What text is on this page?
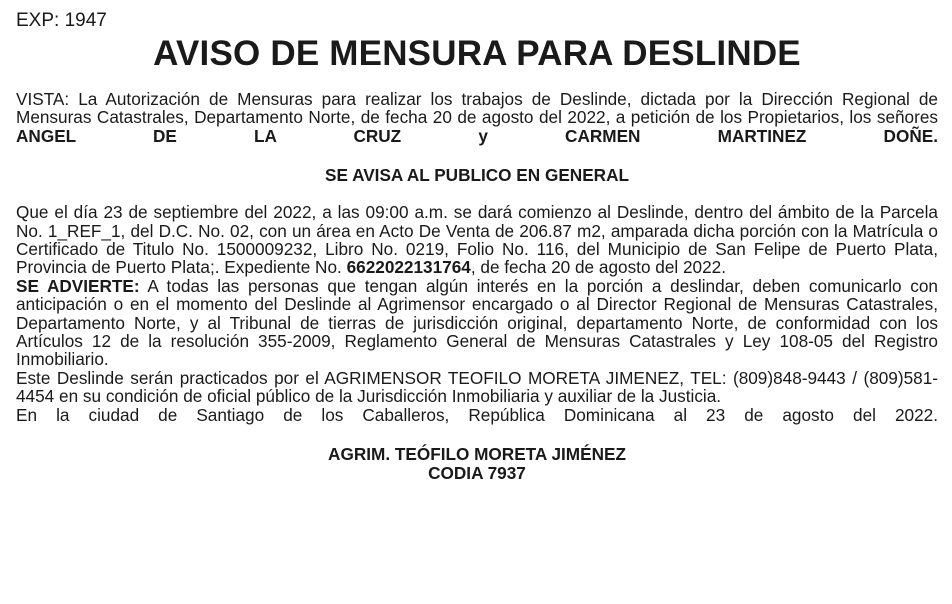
EXP: 1947

AVISO DE MENSURA PARA DESLINDE

VISTA: La Autorización de Mensuras para realizar los trabajos de Deslinde, dictada por la Dirección Regional de Mensuras Catastrales, Departamento Norte, de fecha 20 de agosto del 2022, a petición de los Propietarios, los señores ANGEL DE LA CRUZ y CARMEN MARTINEZ DOÑE.

SE AVISA AL PUBLICO EN GENERAL

Que el día 23 de septiembre del 2022, a las 09:00 a.m. se dará comienzo al Deslinde, dentro del ámbito de la Parcela No. 1_REF_1, del D.C. No. 02, con un área en Acto De Venta de 206.87 m2, amparada dicha porción con la Matrícula o Certificado de Titulo No. 1500009232, Libro No. 0219, Folio No. 116, del Municipio de San Felipe de Puerto Plata, Provincia de Puerto Plata;. Expediente No. 6622022131764, de fecha 20 de agosto del 2022.

SE ADVIERTE: A todas las personas que tengan algún interés en la porción a deslindar, deben comunicarlo con anticipación o en el momento del Deslinde al Agrimensor encargado o al Director Regional de Mensuras Catastrales, Departamento Norte, y al Tribunal de tierras de jurisdicción original, departamento Norte, de conformidad con los Artículos 12 de la resolución 355-2009, Reglamento General de Mensuras Catastrales y Ley 108-05 del Registro Inmobiliario.

Este Deslinde serán practicados por el AGRIMENSOR TEOFILO MORETA JIMENEZ, TEL: (809)848-9443 / (809)581-4454 en su condición de oficial público de la Jurisdicción Inmobiliaria y auxiliar de la Justicia.

En la ciudad de Santiago de los Caballeros, República Dominicana al 23 de agosto del 2022.

AGRIM. TEÓFILO MORETA JIMÉNEZ
CODIA 7937
